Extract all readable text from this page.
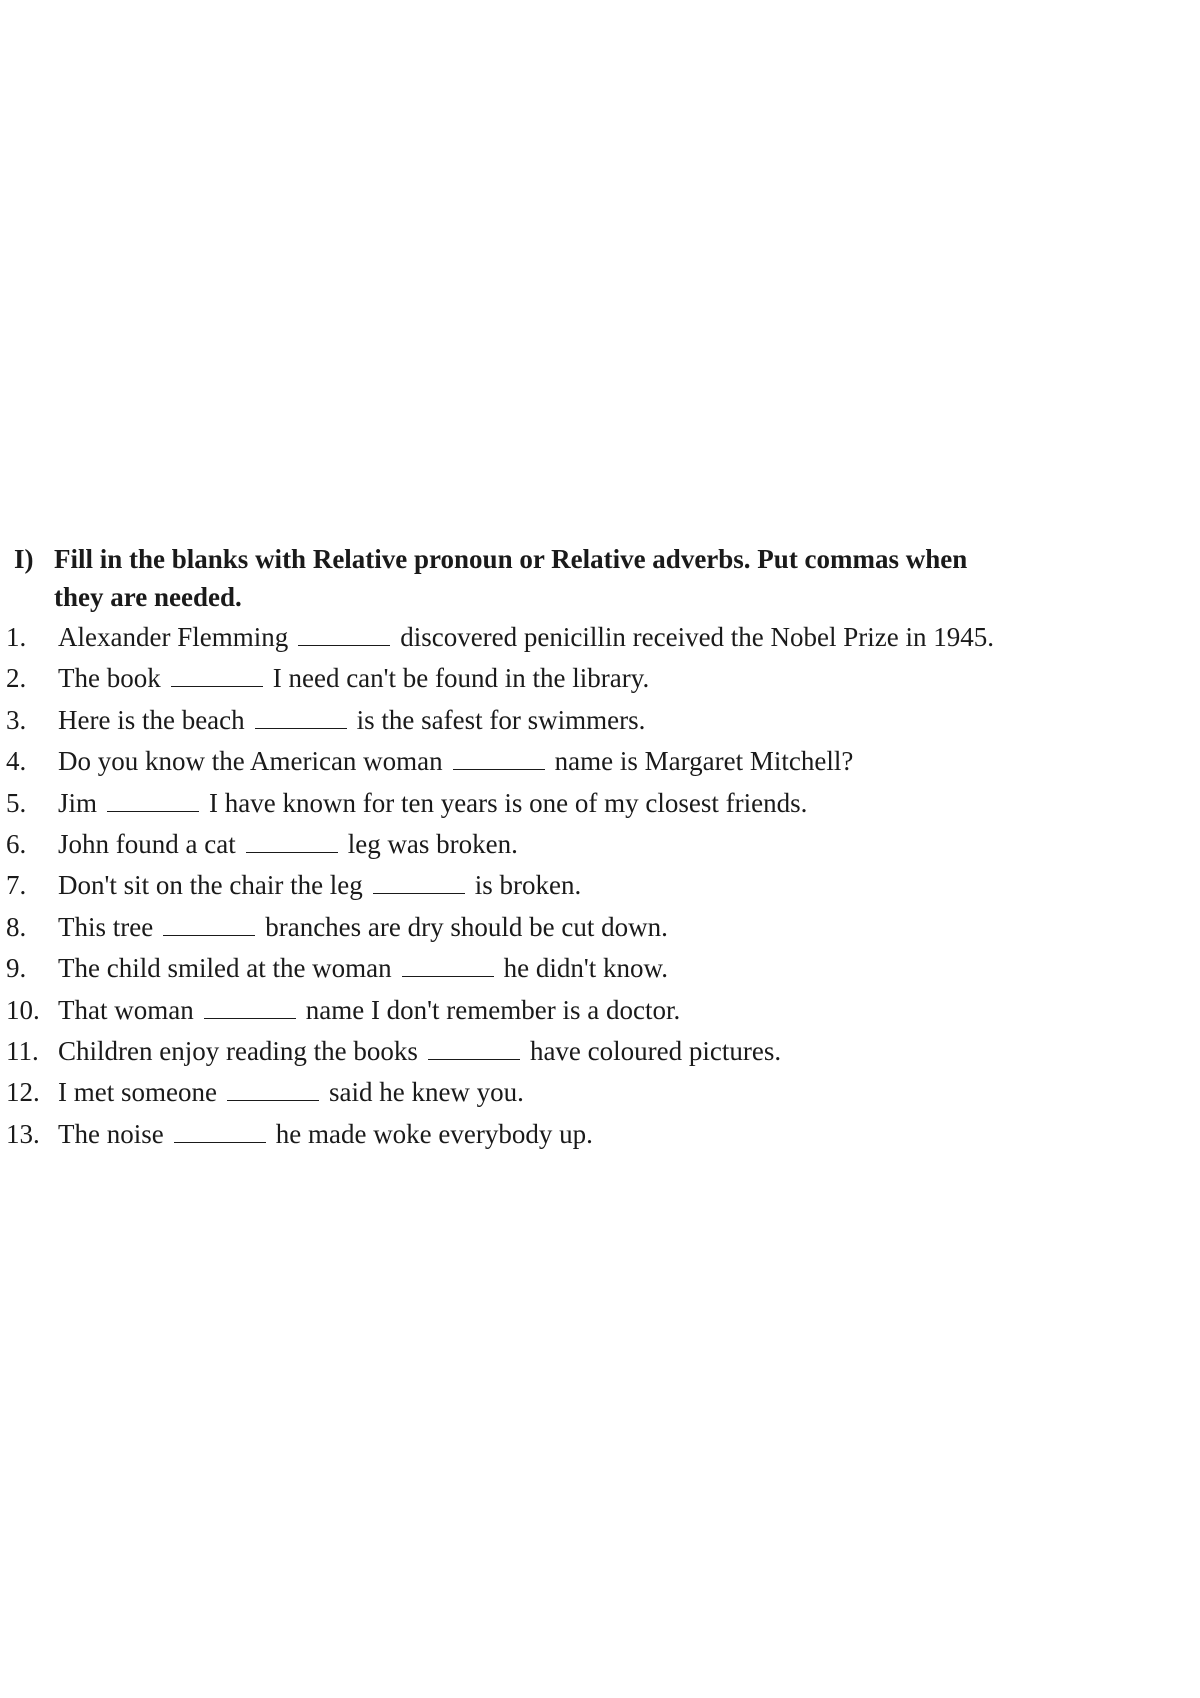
I) Fill in the blanks with Relative pronoun or Relative adverbs. Put commas when
they are needed.
1. Alexander Flemming	discovered penicillin received the Nobel Prize in 1945.
2. The book	I need can't be found in the library.
3. Here is the beach	is the safest for swimmers.
4. Do you know the American woman	name is Margaret Mitchell?
5. Jim	I have known for ten years is one of my closest friends.
6. John found a cat	leg was broken.
7. Don't sit on the chair the leg	is broken.
8. This tree	branches are dry should be cut down.
9. The child smiled at the woman	he didn't know.
10. That woman	name I don't remember is a doctor.
11. Children enjoy reading the books	have coloured pictures.
12. I met someone	said he knew you.
13. The noise	he made woke everybody up.
